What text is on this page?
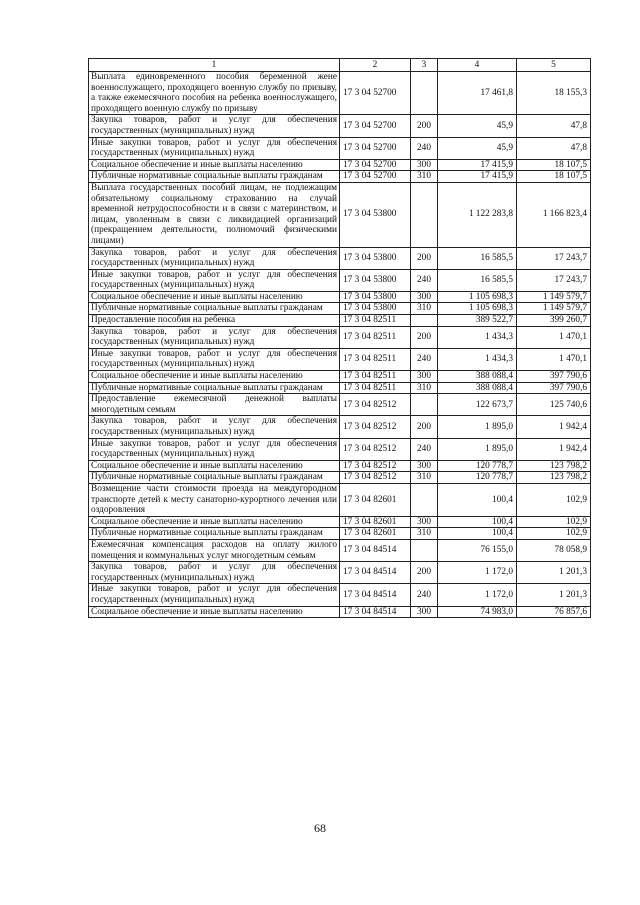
1	2	3	4	5
Выплата единовременного пособия беременной жене военнослужащего, проходящего военную службу по призыву, а также ежемесячного пособия на ребенка военнослужащего, проходящего военную службу по призыву	17 3 04 52700		17 461,8	18 155,3
Закупка товаров, работ и услуг для обеспечения государственных (муниципальных) нужд	17 3 04 52700	200	45,9	47,8
Иные закупки товаров, работ и услуг для обеспечения государственных (муниципальных) нужд	17 3 04 52700	240	45,9	47,8
Социальное обеспечение и иные выплаты населению	17 3 04 52700	300	17 415,9	18 107,5
Публичные нормативные социальные выплаты гражданам	17 3 04 52700	310	17 415,9	18 107,5
Выплата государственных пособий лицам, не подлежащим обязательному социальному страхованию на случай временной нетрудоспособности и в связи с материнством, и лицам, уволенным в связи с ликвидацией организаций (прекращением деятельности, полномочий физическими лицами)	17 3 04 53800		1 122 283,8	1 166 823,4
Закупка товаров, работ и услуг для обеспечения государственных (муниципальных) нужд	17 3 04 53800	200	16 585,5	17 243,7
Иные закупки товаров, работ и услуг для обеспечения государственных (муниципальных) нужд	17 3 04 53800	240	16 585,5	17 243,7
Социальное обеспечение и иные выплаты населению	17 3 04 53800	300	1 105 698,3	1 149 579,7
Публичные нормативные социальные выплаты гражданам	17 3 04 53800	310	1 105 698,3	1 149 579,7
Предоставление пособия на ребенка	17 3 04 82511		389 522,7	399 260,7
Закупка товаров, работ и услуг для обеспечения государственных (муниципальных) нужд	17 3 04 82511	200	1 434,3	1 470,1
Иные закупки товаров, работ и услуг для обеспечения государственных (муниципальных) нужд	17 3 04 82511	240	1 434,3	1 470,1
Социальное обеспечение и иные выплаты населению	17 3 04 82511	300	388 088,4	397 790,6
Публичные нормативные социальные выплаты гражданам	17 3 04 82511	310	388 088,4	397 790,6
Предоставление ежемесячной денежной выплаты многодетным семьям	17 3 04 82512		122 673,7	125 740,6
Закупка товаров, работ и услуг для обеспечения государственных (муниципальных) нужд	17 3 04 82512	200	1 895,0	1 942,4
Иные закупки товаров, работ и услуг для обеспечения государственных (муниципальных) нужд	17 3 04 82512	240	1 895,0	1 942,4
Социальное обеспечение и иные выплаты населению	17 3 04 82512	300	120 778,7	123 798,2
Публичные нормативные социальные выплаты гражданам	17 3 04 82512	310	120 778,7	123 798,2
Возмещение части стоимости проезда на междугородном транспорте детей к месту санаторно-курортного лечения или оздоровления	17 3 04 82601		100,4	102,9
Социальное обеспечение и иные выплаты населению	17 3 04 82601	300	100,4	102,9
Публичные нормативные социальные выплаты гражданам	17 3 04 82601	310	100,4	102,9
Ежемесячная компенсация расходов на оплату жилого помещения и коммунальных услуг многодетным семьям	17 3 04 84514		76 155,0	78 058,9
Закупка товаров, работ и услуг для обеспечения государственных (муниципальных) нужд	17 3 04 84514	200	1 172,0	1 201,3
Иные закупки товаров, работ и услуг для обеспечения государственных (муниципальных) нужд	17 3 04 84514	240	1 172,0	1 201,3
Социальное обеспечение и иные выплаты населению	17 3 04 84514	300	74 983,0	76 857,6
68
